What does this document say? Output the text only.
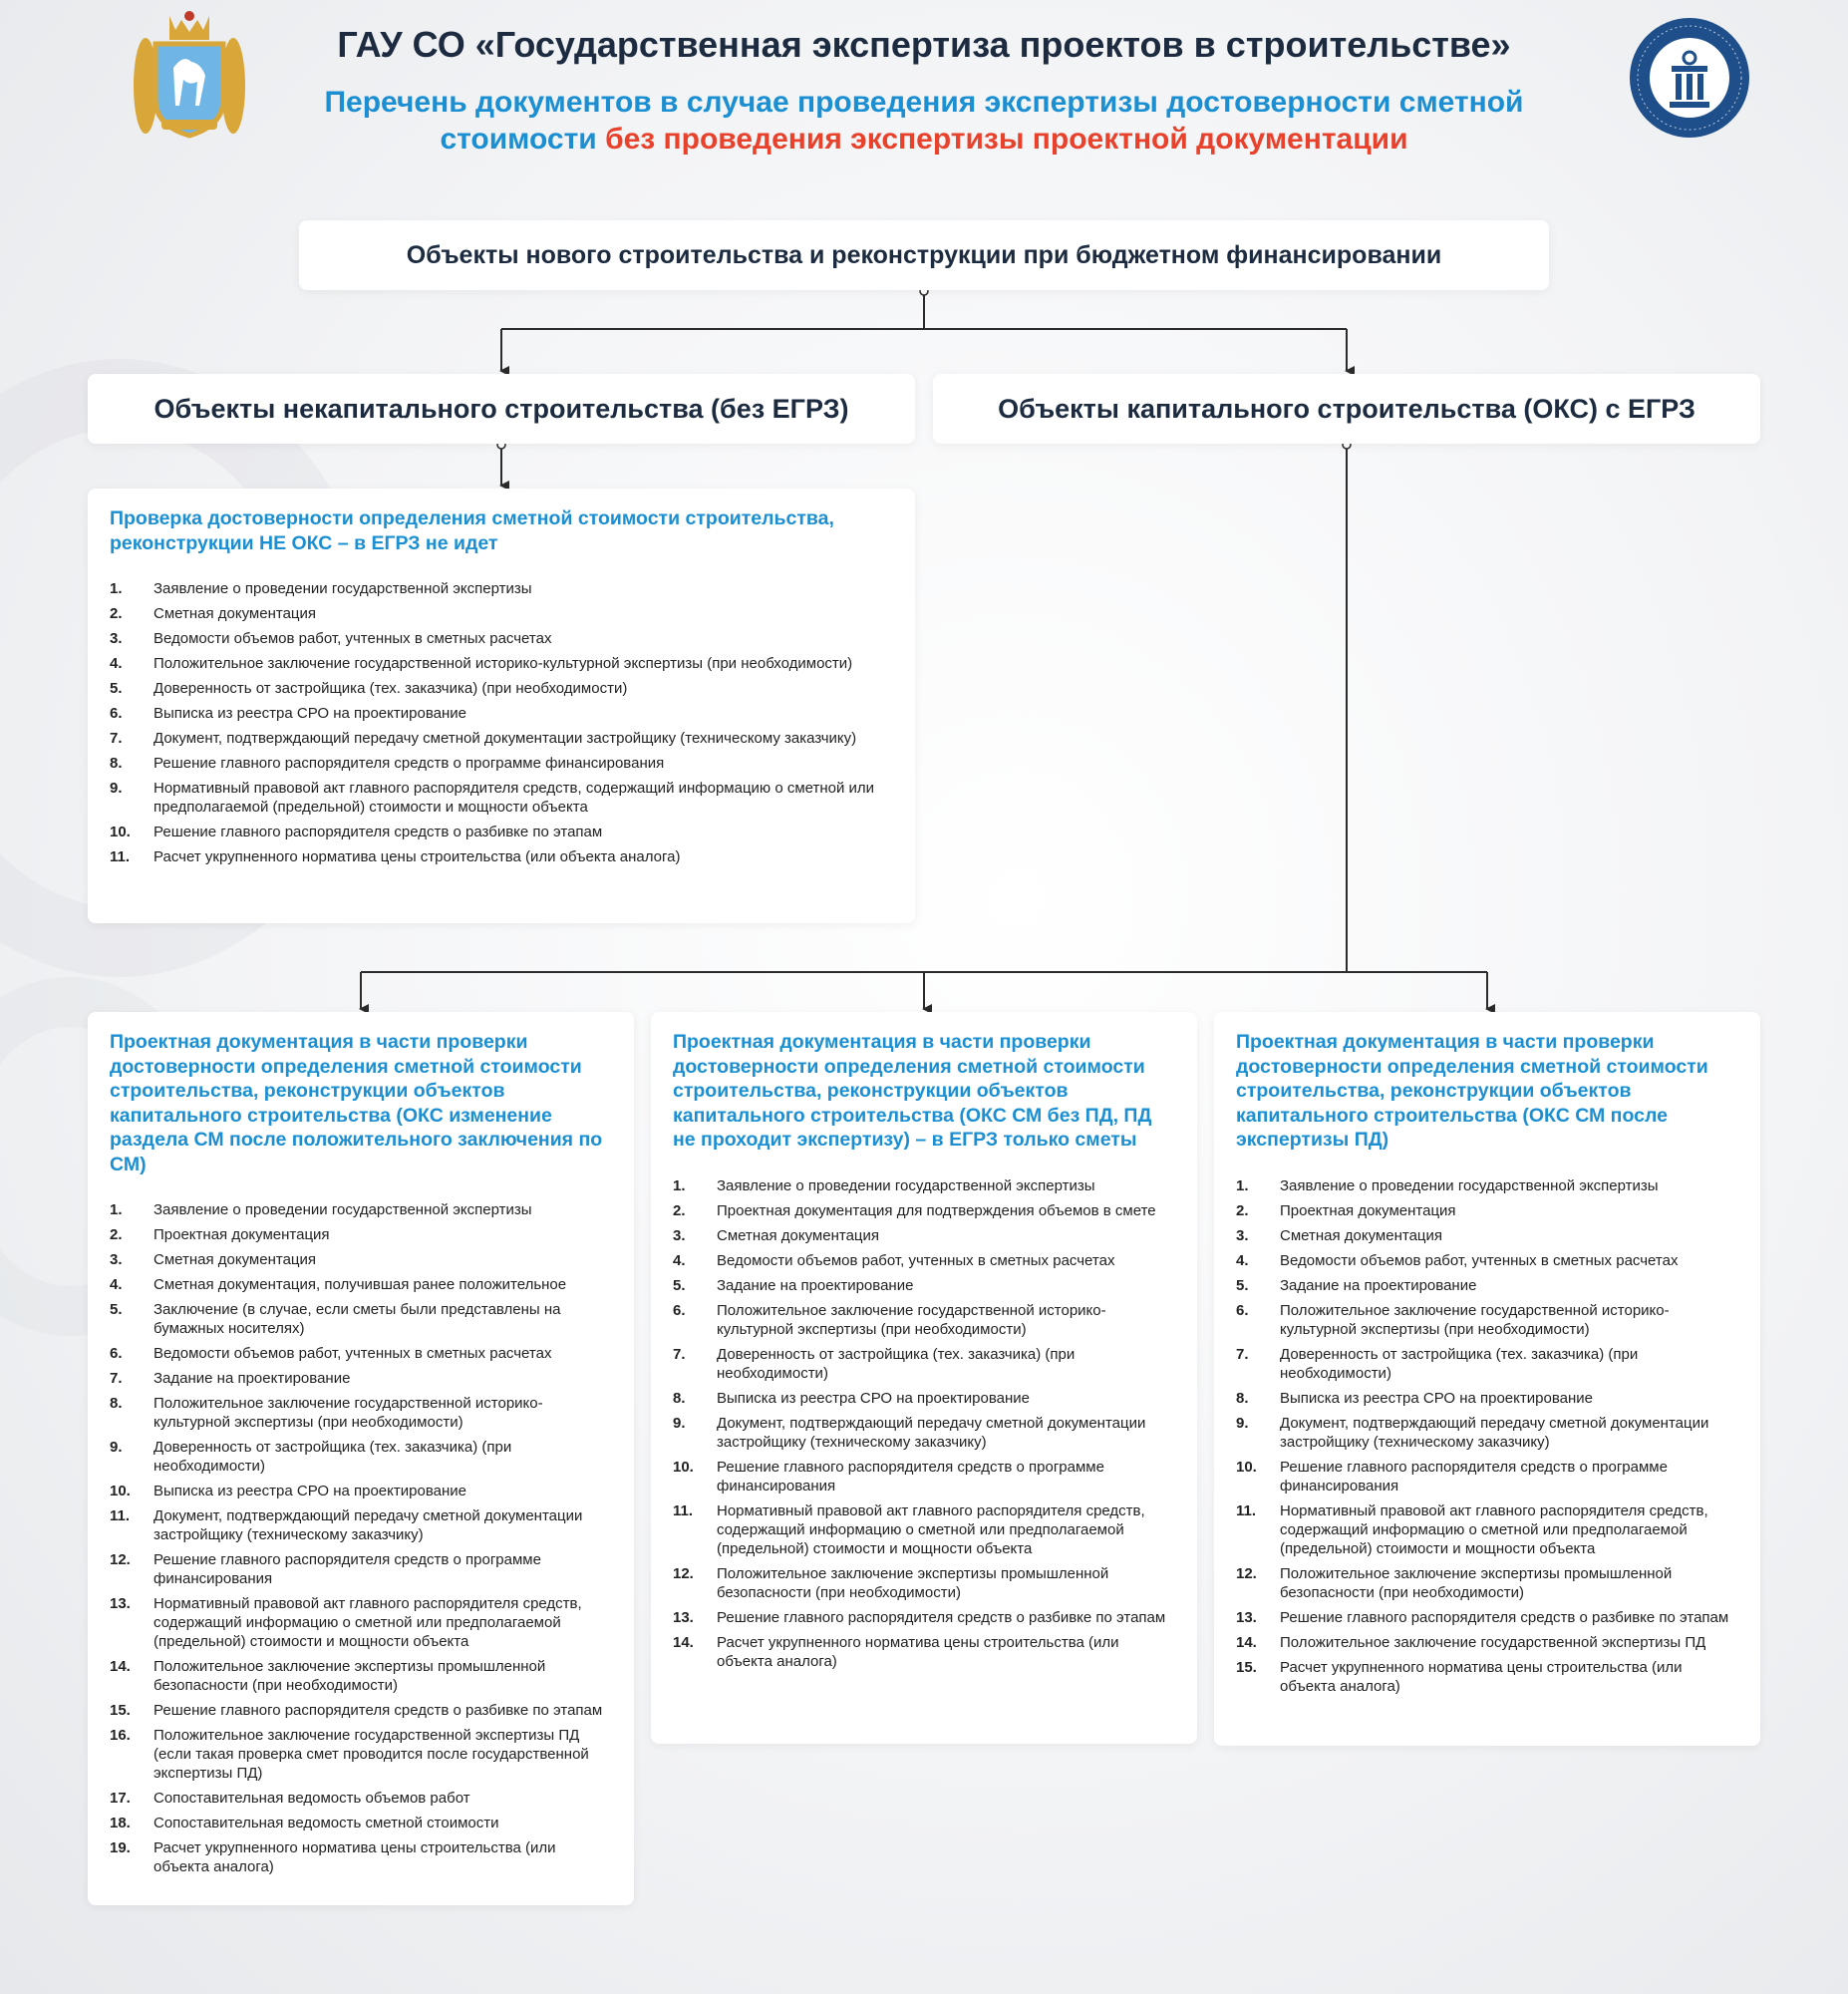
ГАУ СО «Государственная экспертиза проектов в строительстве»
Перечень документов в случае проведения экспертизы достоверности сметной стоимости без проведения экспертизы проектной документации
Объекты нового строительства и реконструкции при бюджетном финансировании
Объекты некапитального строительства (без ЕГРЗ)	Объекты капитального строительства (ОКС) с ЕГРЗ
Проверка достоверности определения сметной стоимости строительства, реконструкции НЕ ОКС – в ЕГРЗ не идет
1.	Заявление о проведении государственной экспертизы
2.	Сметная документация
3.	Ведомости объемов работ, учтенных в сметных расчетах
4.	Положительное заключение государственной историко-культурной экспертизы (при необходимости)
5.	Доверенность от застройщика (тех. заказчика) (при необходимости)
6.	Выписка из реестра СРО на проектирование
7.	Документ, подтверждающий передачу сметной документации застройщику (техническому заказчику)
8.	Решение главного распорядителя средств о программе финансирования
9.	Нормативный правовой акт главного распорядителя средств, содержащий информацию о сметной или предполагаемой (предельной) стоимости и мощности объекта
10.	Решение главного распорядителя средств о разбивке по этапам
11.	Расчет укрупненного норматива цены строительства (или объекта аналога)
Проектная документация в части проверки достоверности определения сметной стоимости строительства, реконструкции объектов капитального строительства (ОКС изменение раздела СМ после положительного заключения по СМ)
1.	Заявление о проведении государственной экспертизы
2.	Проектная документация
3.	Сметная документация
4.	Сметная документация, получившая ранее положительное
5.	Заключение (в случае, если сметы были представлены на бумажных носителях)
6.	Ведомости объемов работ, учтенных в сметных расчетах
7.	Задание на проектирование
8.	Положительное заключение государственной историко-культурной экспертизы (при необходимости)
9.	Доверенность от застройщика (тех. заказчика) (при необходимости)
10.	Выписка из реестра СРО на проектирование
11.	Документ, подтверждающий передачу сметной документации застройщику (техническому заказчику)
12.	Решение главного распорядителя средств о программе финансирования
13.	Нормативный правовой акт главного распорядителя средств, содержащий информацию о сметной или предполагаемой (предельной) стоимости и мощности объекта
14.	Положительное заключение экспертизы промышленной безопасности (при необходимости)
15.	Решение главного распорядителя средств о разбивке по этапам
16.	Положительное заключение государственной экспертизы ПД (если такая проверка смет проводится после государственной экспертизы ПД)
17.	Сопоставительная ведомость объемов работ
18.	Сопоставительная ведомость сметной стоимости
19.	Расчет укрупненного норматива цены строительства (или объекта аналога)
Проектная документация в части проверки достоверности определения сметной стоимости строительства, реконструкции объектов капитального строительства (ОКС СМ без ПД, ПД не проходит экспертизу) – в ЕГРЗ только сметы
1.	Заявление о проведении государственной экспертизы
2.	Проектная документация для подтверждения объемов в смете
3.	Сметная документация
4.	Ведомости объемов работ, учтенных в сметных расчетах
5.	Задание на проектирование
6.	Положительное заключение государственной историко-культурной экспертизы (при необходимости)
7.	Доверенность от застройщика (тех. заказчика) (при необходимости)
8.	Выписка из реестра СРО на проектирование
9.	Документ, подтверждающий передачу сметной документации застройщику (техническому заказчику)
10.	Решение главного распорядителя средств о программе финансирования
11.	Нормативный правовой акт главного распорядителя средств, содержащий информацию о сметной или предполагаемой (предельной) стоимости и мощности объекта
12.	Положительное заключение экспертизы промышленной безопасности (при необходимости)
13.	Решение главного распорядителя средств о разбивке по этапам
14.	Расчет укрупненного норматива цены строительства (или объекта аналога)
Проектная документация в части проверки достоверности определения сметной стоимости строительства, реконструкции объектов капитального строительства (ОКС СМ после экспертизы ПД)
1.	Заявление о проведении государственной экспертизы
2.	Проектная документация
3.	Сметная документация
4.	Ведомости объемов работ, учтенных в сметных расчетах
5.	Задание на проектирование
6.	Положительное заключение государственной историко-культурной экспертизы (при необходимости)
7.	Доверенность от застройщика (тех. заказчика) (при необходимости)
8.	Выписка из реестра СРО на проектирование
9.	Документ, подтверждающий передачу сметной документации застройщику (техническому заказчику)
10.	Решение главного распорядителя средств о программе финансирования
11.	Нормативный правовой акт главного распорядителя средств, содержащий информацию о сметной или предполагаемой (предельной) стоимости и мощности объекта
12.	Положительное заключение экспертизы промышленной безопасности (при необходимости)
13.	Решение главного распорядителя средств о разбивке по этапам
14.	Положительное заключение государственной экспертизы ПД
15.	Расчет укрупненного норматива цены строительства (или объекта аналога)
